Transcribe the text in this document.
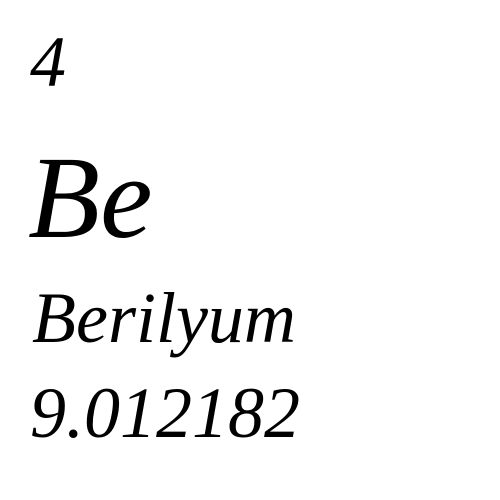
4
Be
Berilyum
9.012182
